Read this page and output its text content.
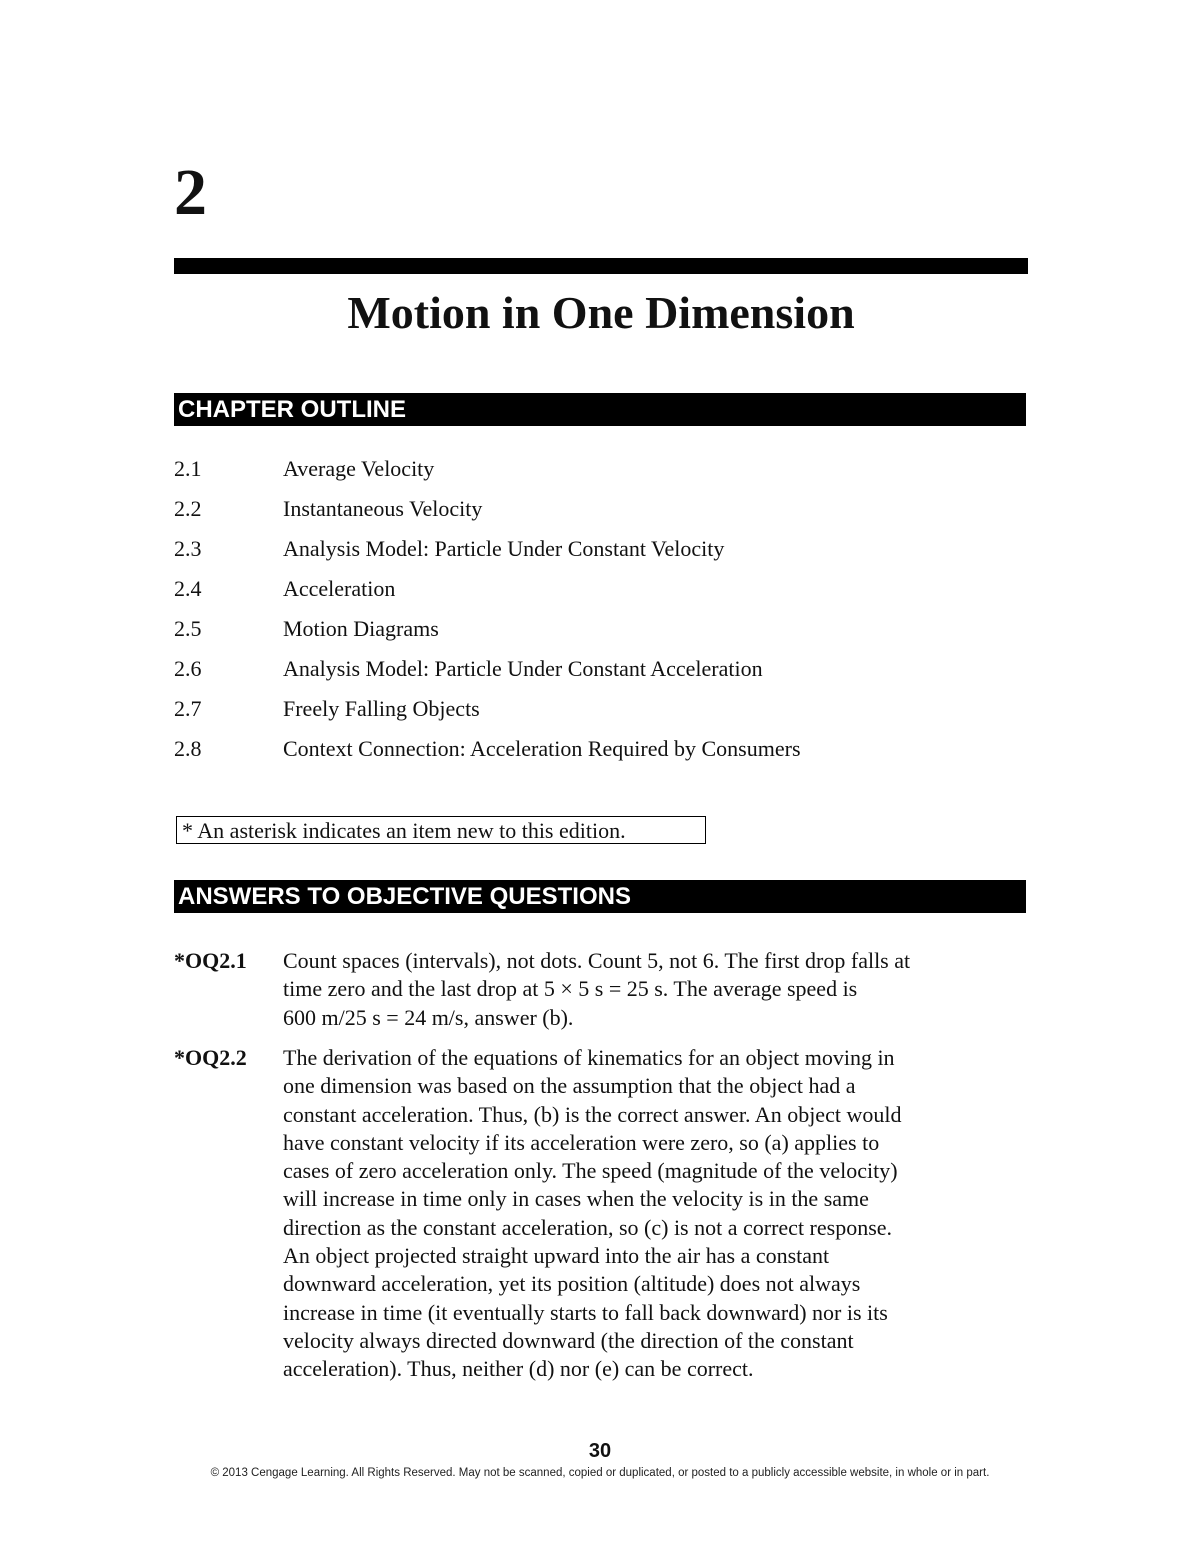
2
Motion in One Dimension
CHAPTER OUTLINE
2.1	Average Velocity
2.2	Instantaneous Velocity
2.3	Analysis Model: Particle Under Constant Velocity
2.4	Acceleration
2.5	Motion Diagrams
2.6	Analysis Model: Particle Under Constant Acceleration
2.7	Freely Falling Objects
2.8	Context Connection: Acceleration Required by Consumers
* An asterisk indicates an item new to this edition.
ANSWERS TO OBJECTIVE QUESTIONS
*OQ2.1	Count spaces (intervals), not dots. Count 5, not 6. The first drop falls at

time zero and the last drop at 5 × 5 s = 25 s. The average speed is

600 m/25 s = 24 m/s, answer (b).

*OQ2.2	The derivation of the equations of kinematics for an object moving in

one dimension was based on the assumption that the object had a

constant acceleration. Thus, (b) is the correct answer. An object would

have constant velocity if its acceleration were zero, so (a) applies to

cases of zero acceleration only. The speed (magnitude of the velocity)

will increase in time only in cases when the velocity is in the same

direction as the constant acceleration, so (c) is not a correct response.

An object projected straight upward into the air has a constant

downward acceleration, yet its position (altitude) does not always

increase in time (it eventually starts to fall back downward) nor is its

velocity always directed downward (the direction of the constant

acceleration). Thus, neither (d) nor (e) can be correct.

30
© 2013 Cengage Learning. All Rights Reserved. May not be scanned, copied or duplicated, or posted to a publicly accessible website, in whole or in part.
